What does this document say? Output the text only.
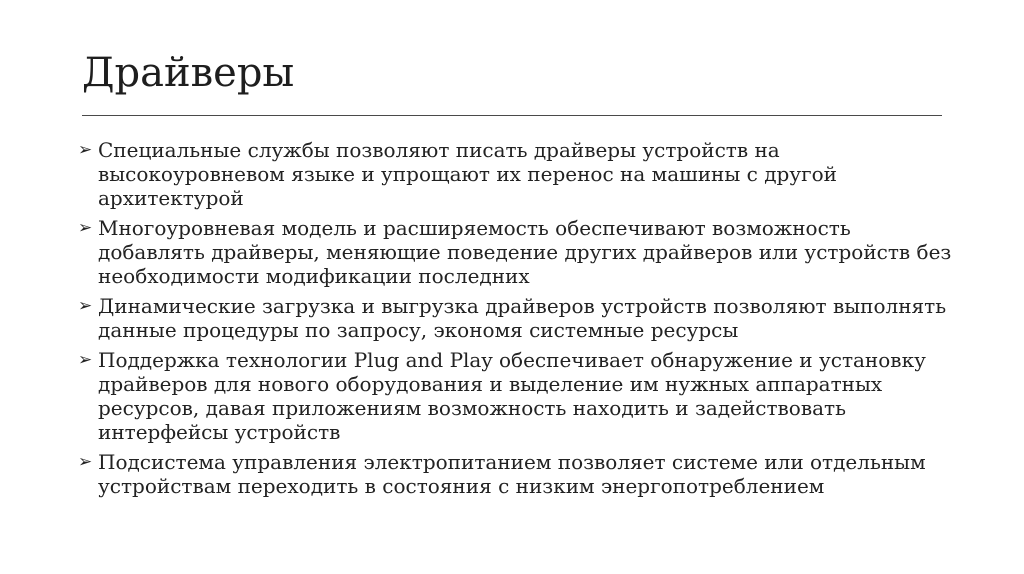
Драйверы
➢ Специальные службы позволяют писать драйверы устройств на высокоуровневом языке и упрощают их перенос на машины с другой архитектурой
➢ Многоуровневая модель и расширяемость обеспечивают возможность добавлять драйверы, меняющие поведение других драйверов или устройств без необходимости модификации последних
➢ Динамические загрузка и выгрузка драйверов устройств позволяют выполнять данные процедуры по запросу, экономя системные ресурсы
➢ Поддержка технологии Plug and Play обеспечивает обнаружение и установку драйверов для нового оборудования и выделение им нужных аппаратных ресурсов, давая приложениям возможность находить и задействовать интерфейсы устройств
➢ Подсистема управления электропитанием позволяет системе или отдельным устройствам переходить в состояния с низким энергопотреблением
